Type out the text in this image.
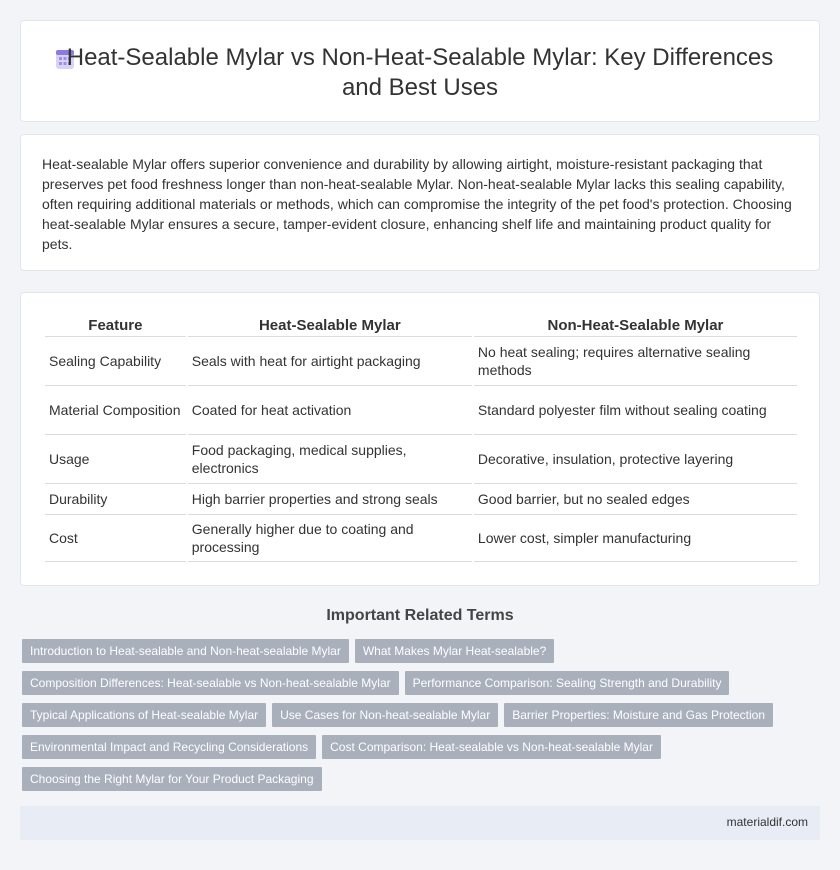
Heat-Sealable Mylar vs Non-Heat-Sealable Mylar: Key Differences and Best Uses

Heat-sealable Mylar offers superior convenience and durability by allowing airtight, moisture-resistant packaging that preserves pet food freshness longer than non-heat-sealable Mylar. Non-heat-sealable Mylar lacks this sealing capability, often requiring additional materials or methods, which can compromise the integrity of the pet food's protection. Choosing heat-sealable Mylar ensures a secure, tamper-evident closure, enhancing shelf life and maintaining product quality for pets.

Feature	Heat-Sealable Mylar	Non-Heat-Sealable Mylar
Sealing Capability	Seals with heat for airtight packaging	No heat sealing; requires alternative sealing methods
Material Composition	Coated for heat activation	Standard polyester film without sealing coating
Usage	Food packaging, medical supplies, electronics	Decorative, insulation, protective layering
Durability	High barrier properties and strong seals	Good barrier, but no sealed edges
Cost	Generally higher due to coating and processing	Lower cost, simpler manufacturing
Important Related Terms
Introduction to Heat-sealable and Non-heat-sealable Mylar	What Makes Mylar Heat-sealable?
Composition Differences: Heat-sealable vs Non-heat-sealable Mylar	Performance Comparison: Sealing Strength and Durability
Typical Applications of Heat-sealable Mylar	Use Cases for Non-heat-sealable Mylar	Barrier Properties: Moisture and Gas Protection
Environmental Impact and Recycling Considerations	Cost Comparison: Heat-sealable vs Non-heat-sealable Mylar
Choosing the Right Mylar for Your Product Packaging
materialdif.com
